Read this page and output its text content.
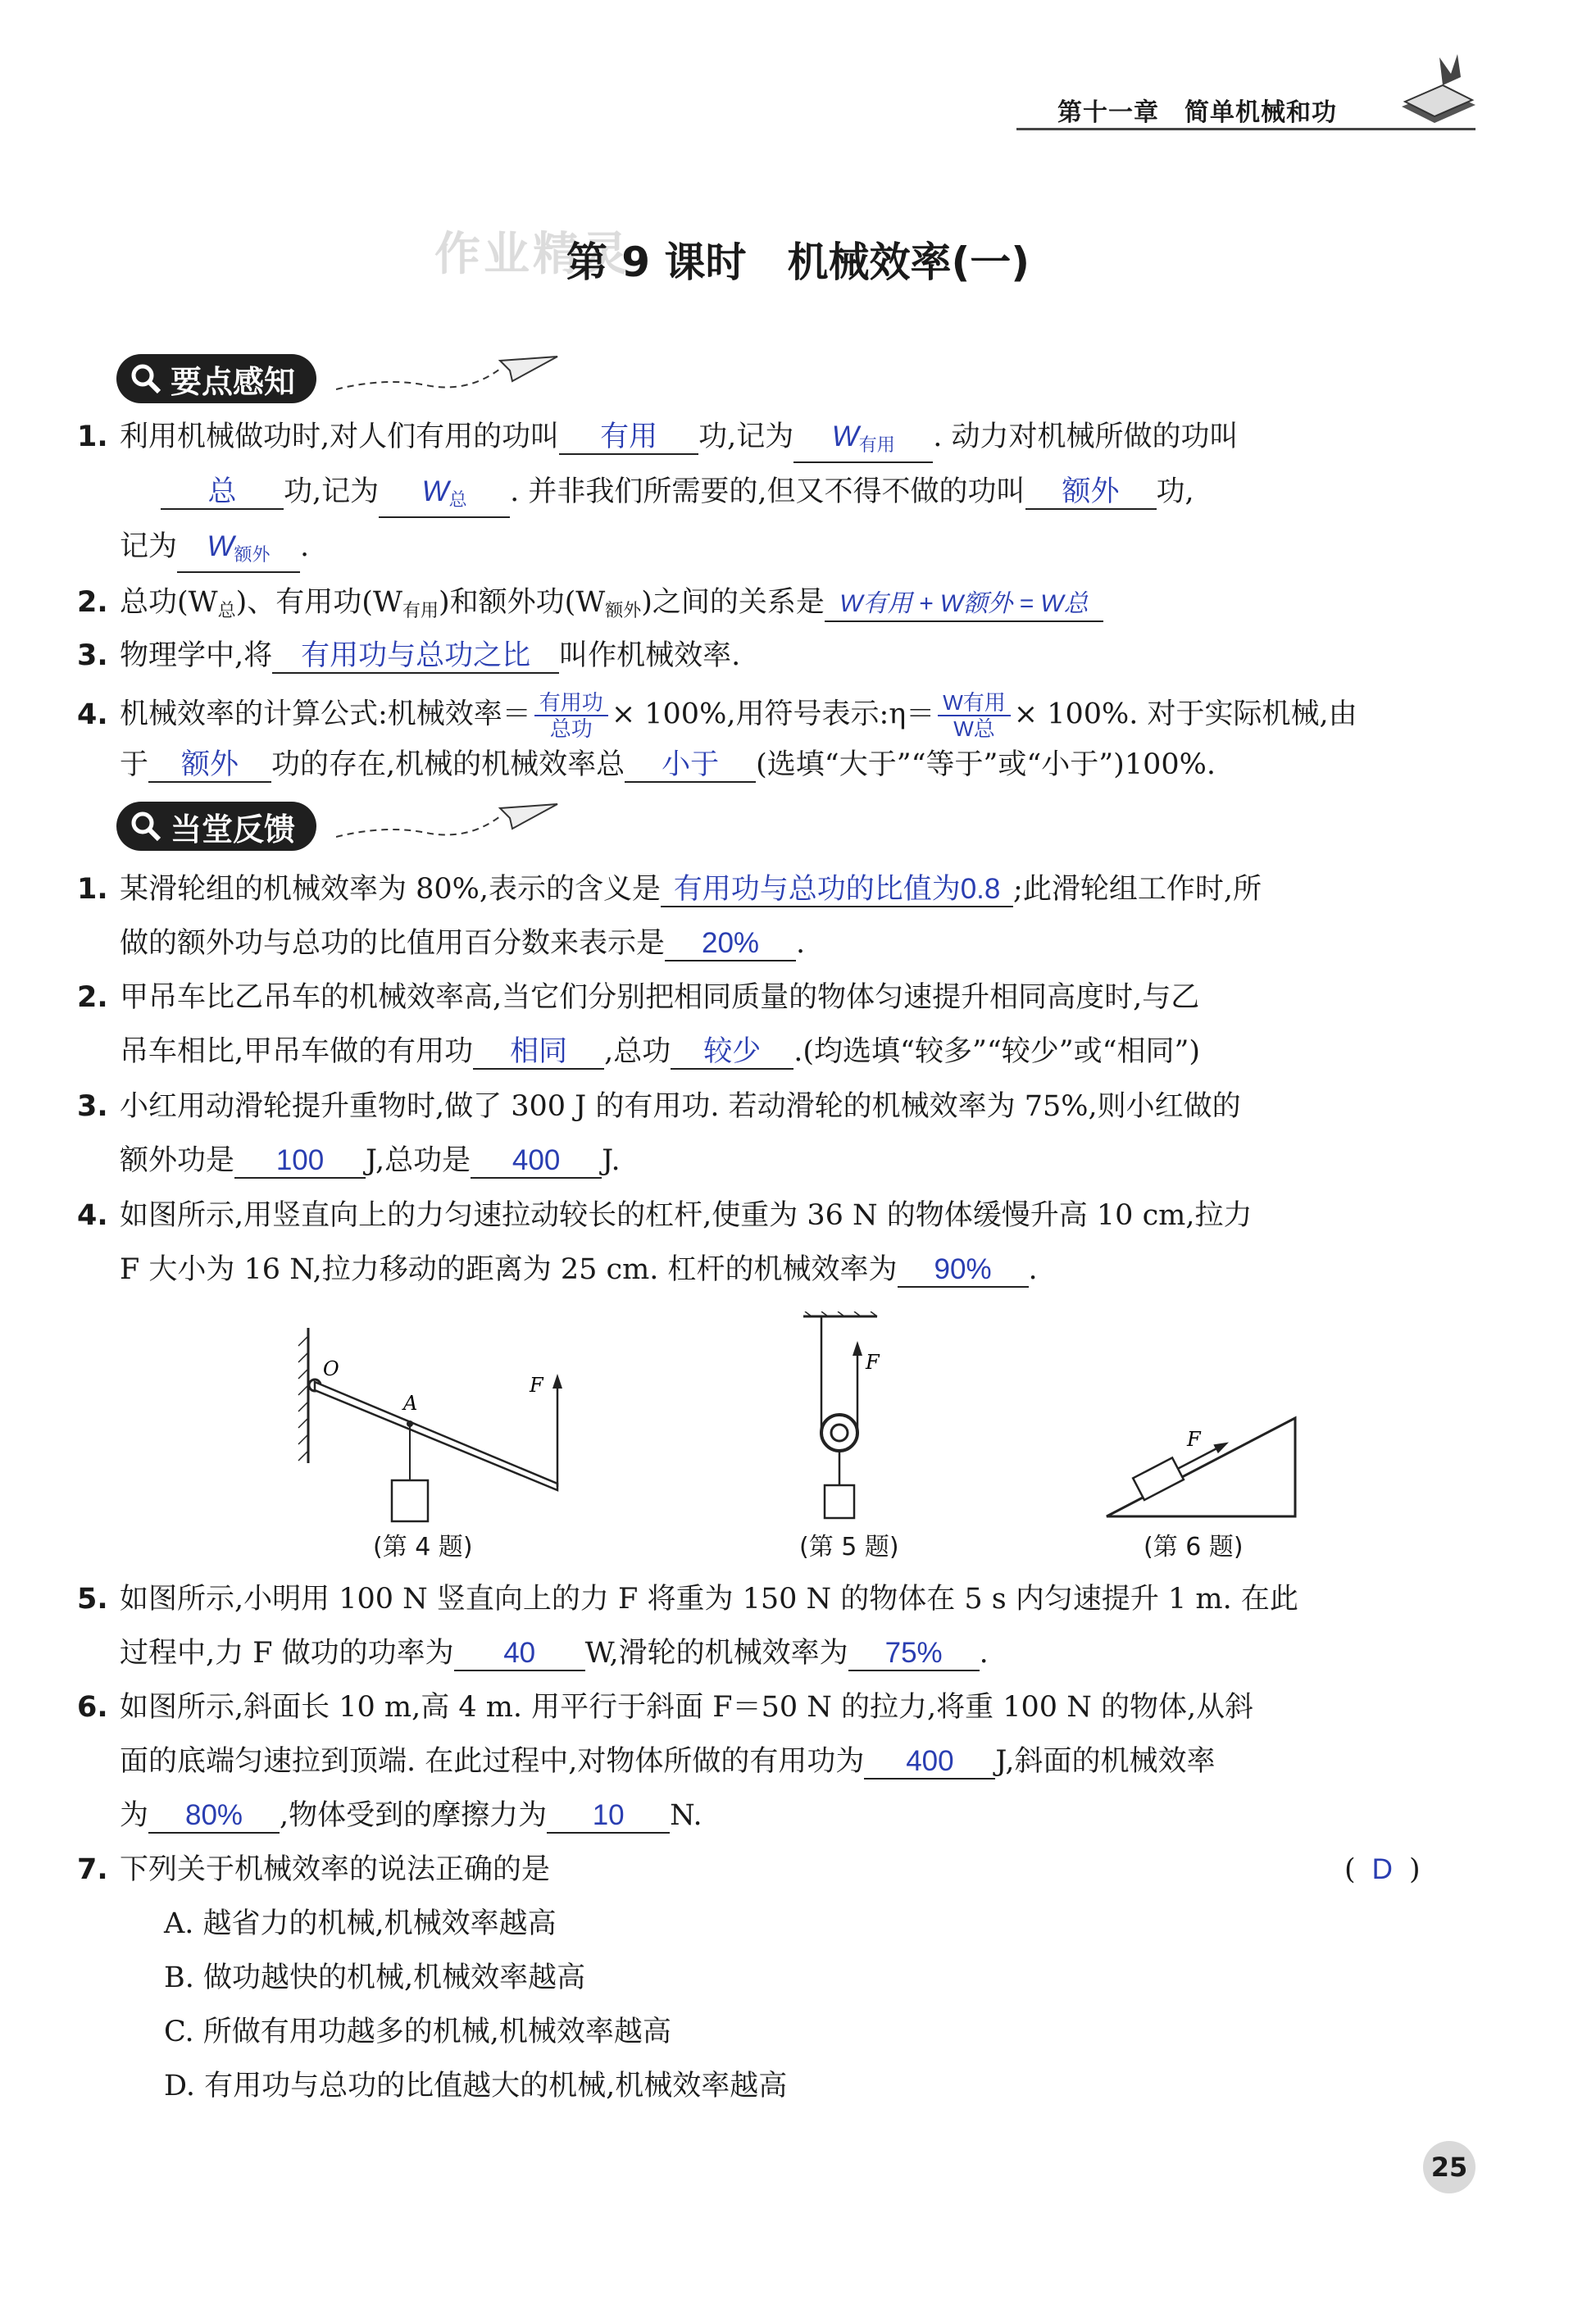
第十一章　简单机械和功
作业精灵
第 9 课时　机械效率(一)
要点感知
1. 利用机械做功时,对人们有用的功叫 有用 功,记为 $W_{有用}$ . 动力对机械所做的功叫
总 功,记为 $W_总$ . 并非我们所需要的,但又不得不做的功叫 额外 功,
记为 $W_{额外}$ .
2. 总功$(W_总)$、有用功$(W_{有用})$和额外功$(W_{额外})$之间的关系是 W有用 + W额外 = W总
3. 物理学中,将 有用功与总功之比 叫作机械效率.
4. 机械效率的计算公式:机械效率＝ $\frac{\text{有用功}}{\text{总功}} \times 100\%$,用符号表示:η＝ $\frac{\text{W有用}}{\text{W总}} \times 100\%$. 对于实际机械,由
于 额外 功的存在,机械的机械效率总 小于 (选填“大于”“等于”或“小于”)100%.
当堂反馈
1. 某滑轮组的机械效率为 80%,表示的含义是 有用功与总功的比值为0.8 ;此滑轮组工作时,所
做的额外功与总功的比值用百分数来表示是 20% .
2. 甲吊车比乙吊车的机械效率高,当它们分别把相同质量的物体匀速提升相同高度时,与乙
吊车相比,甲吊车做的有用功 相同 ,总功 较少 .(均选填“较多”“较少”或“相同”)
3. 小红用动滑轮提升重物时,做了 300 J 的有用功. 若动滑轮的机械效率为 75%,则小红做的
额外功是 100 J,总功是 400 J.
4. 如图所示,用竖直向上的力匀速拉动较长的杠杆,使重为 36 N 的物体缓慢升高 10 cm,拉力
F 大小为 16 N,拉力移动的距离为 25 cm. 杠杆的机械效率为 90% .
O
A
F
(第 4 题)
F
(第 5 题)
F
(第 6 题)
5. 如图所示,小明用 100 N 竖直向上的力 F 将重为 150 N 的物体在 5 s 内匀速提升 1 m. 在此
过程中,力 F 做功的功率为 40 W,滑轮的机械效率为 75% .
6. 如图所示,斜面长 10 m,高 4 m. 用平行于斜面 F＝50 N 的拉力,将重 100 N 的物体,从斜
面的底端匀速拉到顶端. 在此过程中,对物体所做的有用功为 400 J,斜面的机械效率
为 80% ,物体受到的摩擦力为 10 N.
7. 下列关于机械效率的说法正确的是	( D )
A. 越省力的机械,机械效率越高
B. 做功越快的机械,机械效率越高
C. 所做有用功越多的机械,机械效率越高
D. 有用功与总功的比值越大的机械,机械效率越高
25
